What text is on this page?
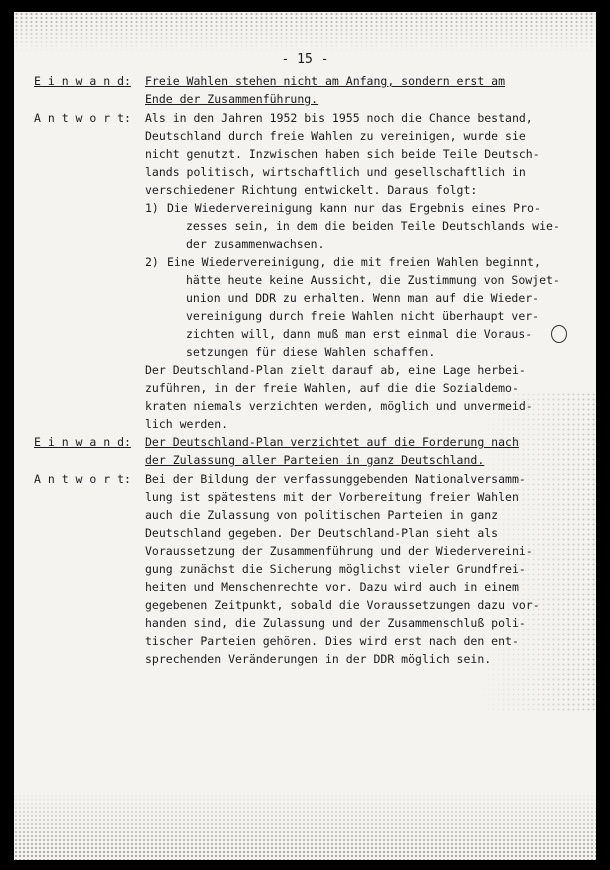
- 15 -
E i n w a n d: Freie Wahlen stehen nicht am Anfang, sondern erst am
Ende der Zusammenführung.
A n t w o r t: Als in den Jahren 1952 bis 1955 noch die Chance bestand,
Deutschland durch freie Wahlen zu vereinigen, wurde sie
nicht genutzt. Inzwischen haben sich beide Teile Deutsch-
lands politisch, wirtschaftlich und gesellschaftlich in
verschiedener Richtung entwickelt. Daraus folgt:
1) Die Wiedervereinigung kann nur das Ergebnis eines Pro-
zesses sein, in dem die beiden Teile Deutschlands wie-
der zusammenwachsen.
2) Eine Wiedervereinigung, die mit freien Wahlen beginnt,
hätte heute keine Aussicht, die Zustimmung von Sowjet-
union und DDR zu erhalten. Wenn man auf die Wieder-
vereinigung durch freie Wahlen nicht überhaupt ver-
zichten will, dann muß man erst einmal die Voraus-
setzungen für diese Wahlen schaffen.
Der Deutschland-Plan zielt darauf ab, eine Lage herbei-
zuführen, in der freie Wahlen, auf die die Sozialdemo-
kraten niemals verzichten werden, möglich und unvermeid-
lich werden.
E i n w a n d: Der Deutschland-Plan verzichtet auf die Forderung nach
der Zulassung aller Parteien in ganz Deutschland.
A n t w o r t: Bei der Bildung der verfassunggebenden Nationalversamm-
lung ist spätestens mit der Vorbereitung freier Wahlen
auch die Zulassung von politischen Parteien in ganz
Deutschland gegeben. Der Deutschland-Plan sieht als
Voraussetzung der Zusammenführung und der Wiedervereini-
gung zunächst die Sicherung möglichst vieler Grundfrei-
heiten und Menschenrechte vor. Dazu wird auch in einem
gegebenen Zeitpunkt, sobald die Voraussetzungen dazu vor-
handen sind, die Zulassung und der Zusammenschluß poli-
tischer Parteien gehören. Dies wird erst nach den ent-
sprechenden Veränderungen in der DDR möglich sein.
